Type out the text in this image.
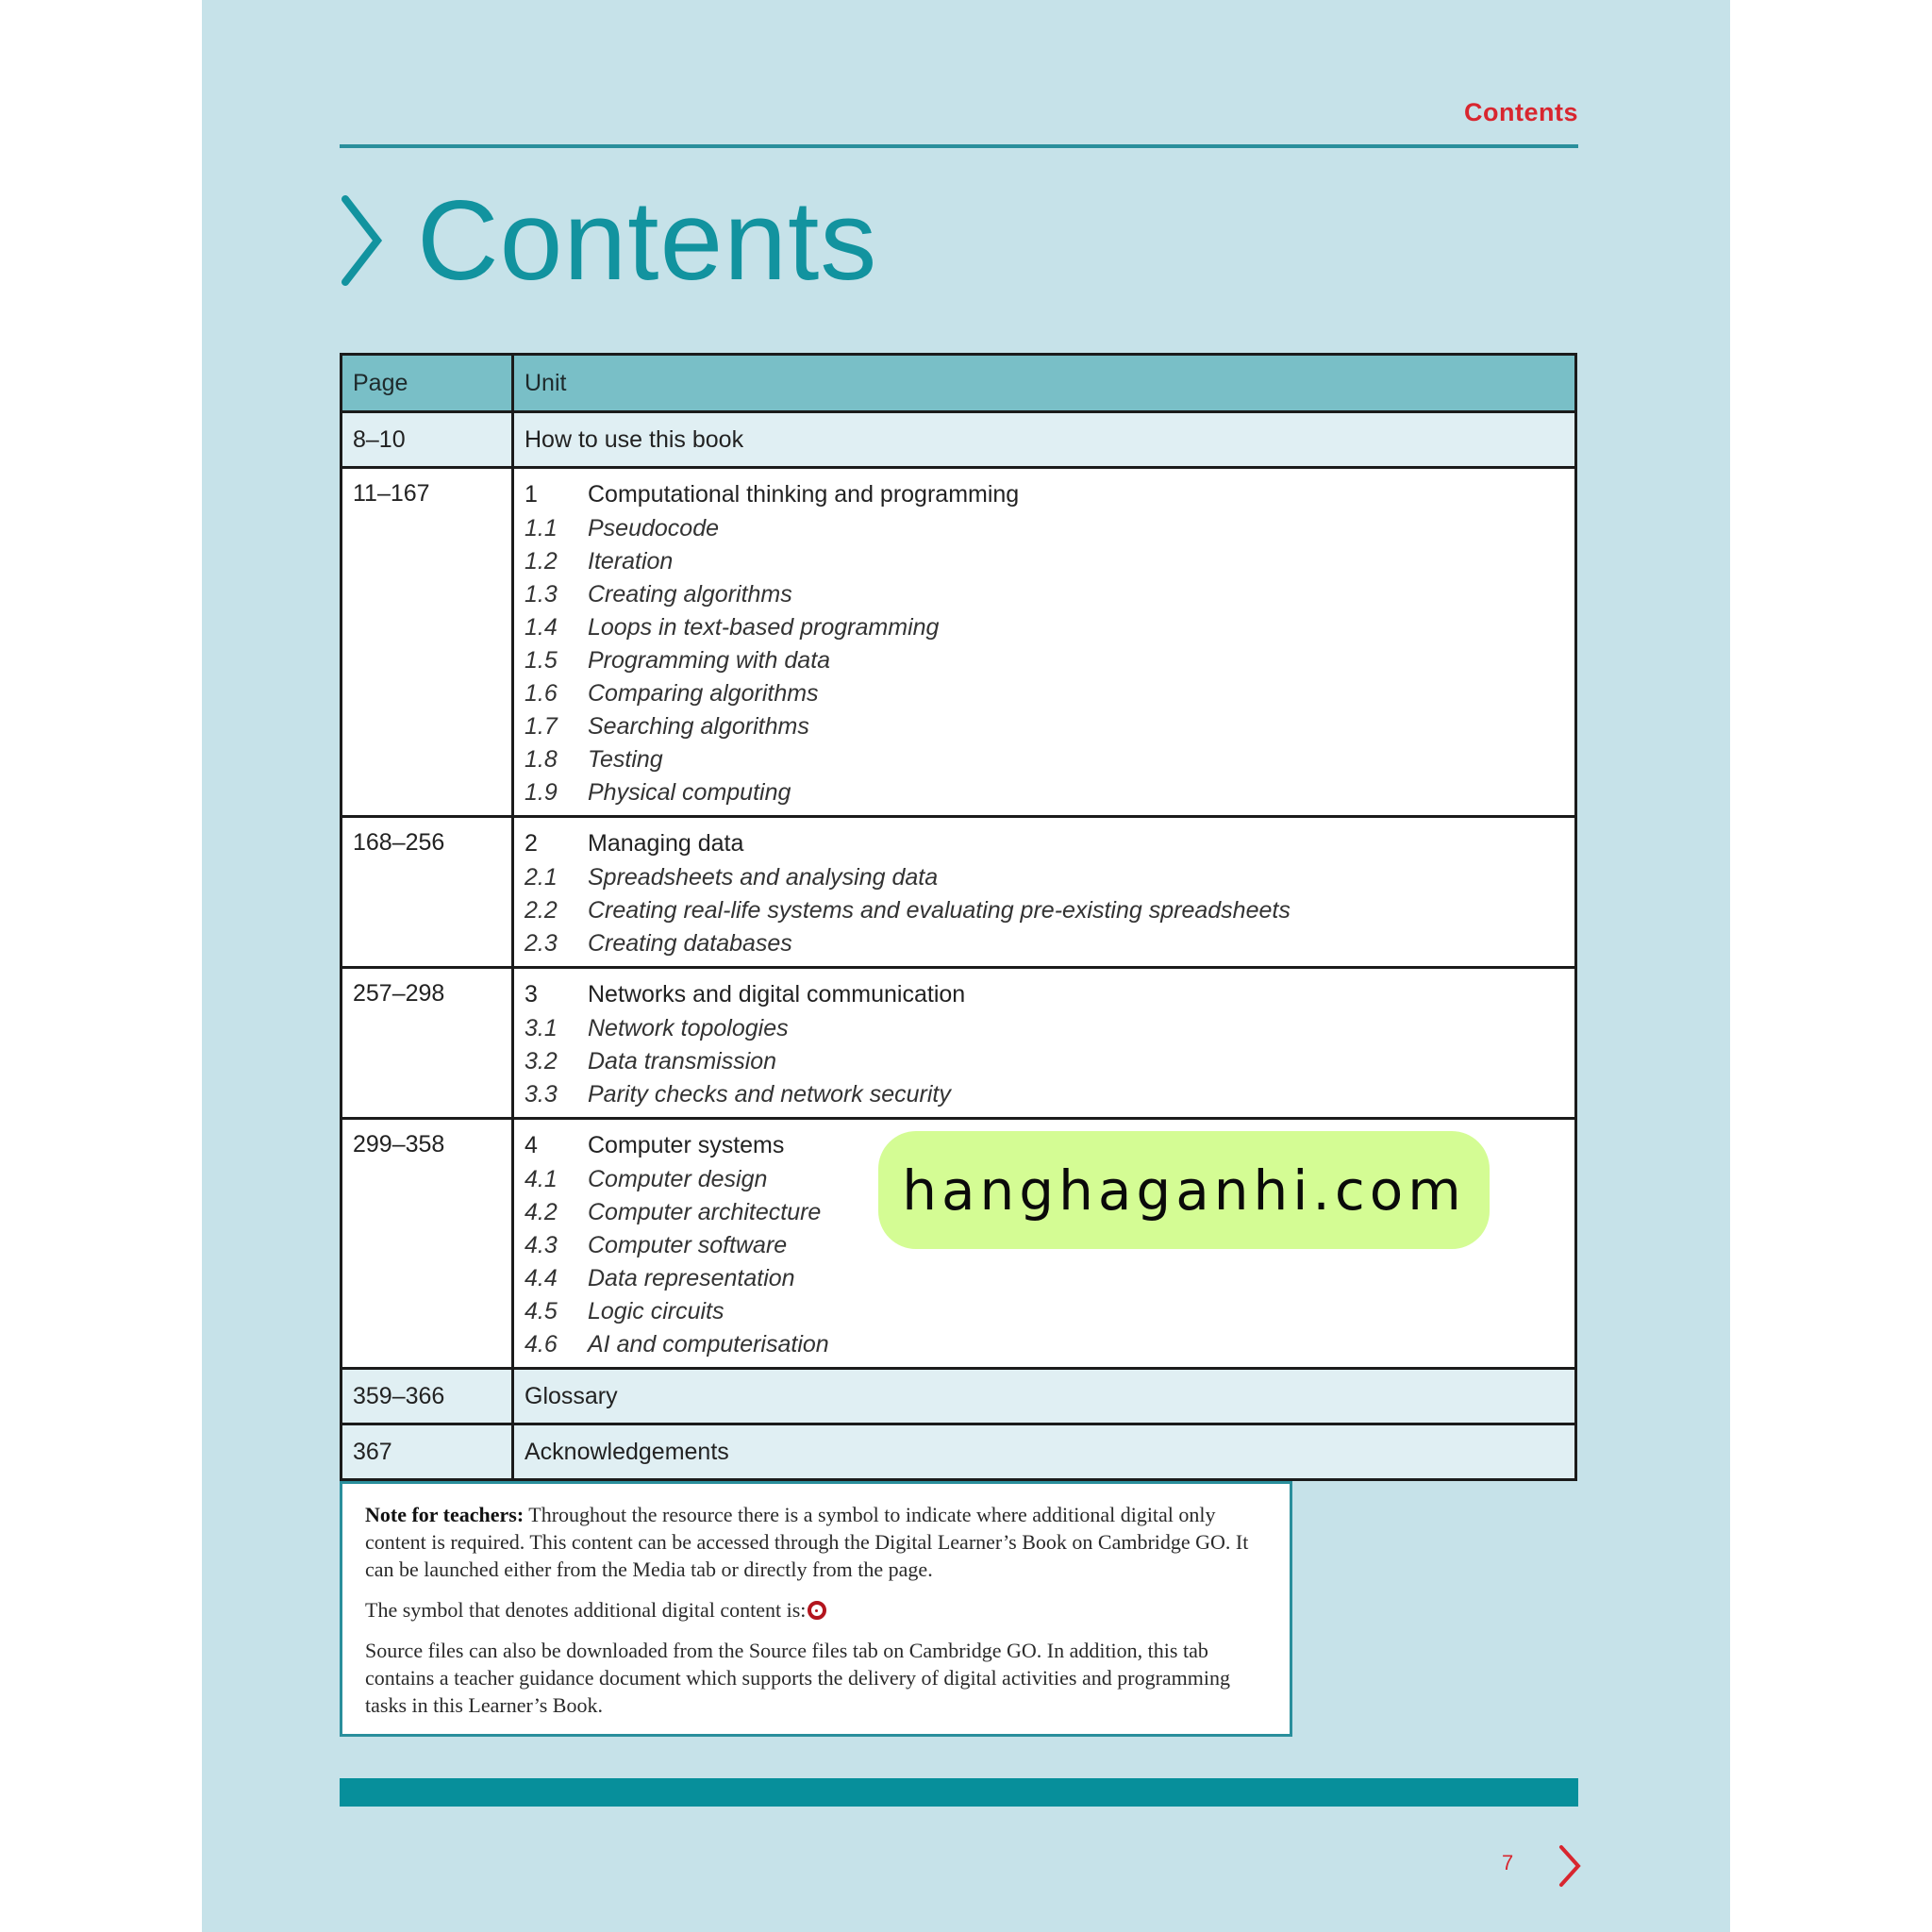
Contents
Contents
Page	Unit
8–10	How to use this book
11–167	1	Computational thinking and programming
1.1	Pseudocode
1.2	Iteration
1.3	Creating algorithms
1.4	Loops in text-based programming
1.5	Programming with data
1.6	Comparing algorithms
1.7	Searching algorithms
1.8	Testing
1.9	Physical computing
168–256	2	Managing data
2.1	Spreadsheets and analysing data
2.2	Creating real-life systems and evaluating pre-existing spreadsheets
2.3	Creating databases
257–298	3	Networks and digital communication
3.1	Network topologies
3.2	Data transmission
3.3	Parity checks and network security
299–358	4	Computer systems
4.1	Computer design
4.2	Computer architecture
4.3	Computer software
4.4	Data representation
4.5	Logic circuits
4.6	AI and computerisation
359–366	Glossary
367	Acknowledgements

Note for teachers: Throughout the resource there is a symbol to indicate where additional digital only content is required. This content can be accessed through the Digital Learner’s Book on Cambridge GO. It can be launched either from the Media tab or directly from the page.

The symbol that denotes additional digital content is:

Source files can also be downloaded from the Source files tab on Cambridge GO. In addition, this tab contains a teacher guidance document which supports the delivery of digital activities and programming tasks in this Learner’s Book.

7
hanghaganhi.com
